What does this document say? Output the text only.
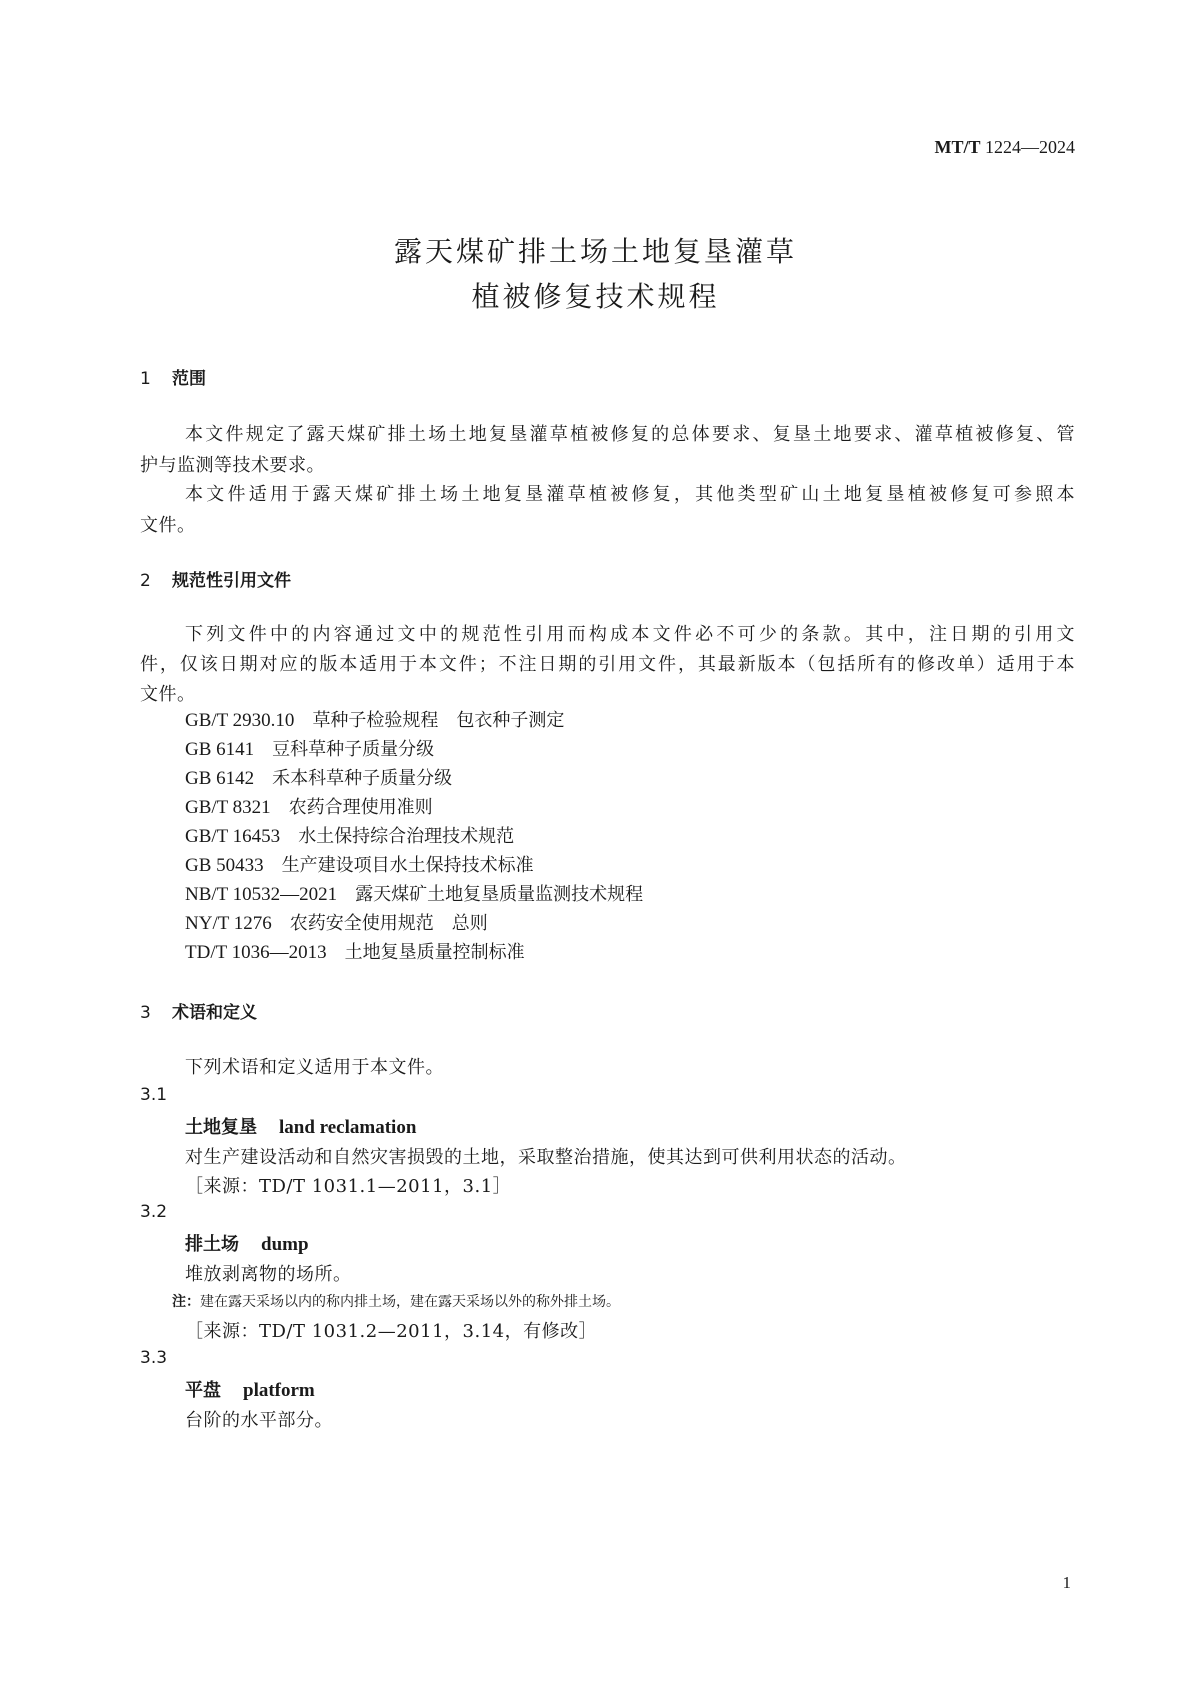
MT/T 1224—2024
露天煤矿排土场土地复垦灌草
植被修复技术规程
1 范围
本文件规定了露天煤矿排土场土地复垦灌草植被修复的总体要求、复垦土地要求、灌草植被修复、管
护与监测等技术要求。
本文件适用于露天煤矿排土场土地复垦灌草植被修复，其他类型矿山土地复垦植被修复可参照本
文件。
2 规范性引用文件
下列文件中的内容通过文中的规范性引用而构成本文件必不可少的条款。其中，注日期的引用文
件，仅该日期对应的版本适用于本文件；不注日期的引用文件，其最新版本（包括所有的修改单）适用于本
文件。
GB/T 2930.10 草种子检验规程　包衣种子测定
GB 6141 豆科草种子质量分级
GB 6142 禾本科草种子质量分级
GB/T 8321 农药合理使用准则
GB/T 16453 水土保持综合治理技术规范
GB 50433 生产建设项目水土保持技术标准
NB/T 10532—2021 露天煤矿土地复垦质量监测技术规程
NY/T 1276 农药安全使用规范　总则
TD/T 1036—2013 土地复垦质量控制标准
3 术语和定义
下列术语和定义适用于本文件。
3.1
土地复垦 land reclamation
对生产建设活动和自然灾害损毁的土地，采取整治措施，使其达到可供利用状态的活动。
［来源：TD/T 1031.1—2011，3.1］
3.2
排土场 dump
堆放剥离物的场所。
注：建在露天采场以内的称内排土场，建在露天采场以外的称外排土场。
［来源：TD/T 1031.2—2011，3.14，有修改］
3.3
平盘 platform
台阶的水平部分。
1
